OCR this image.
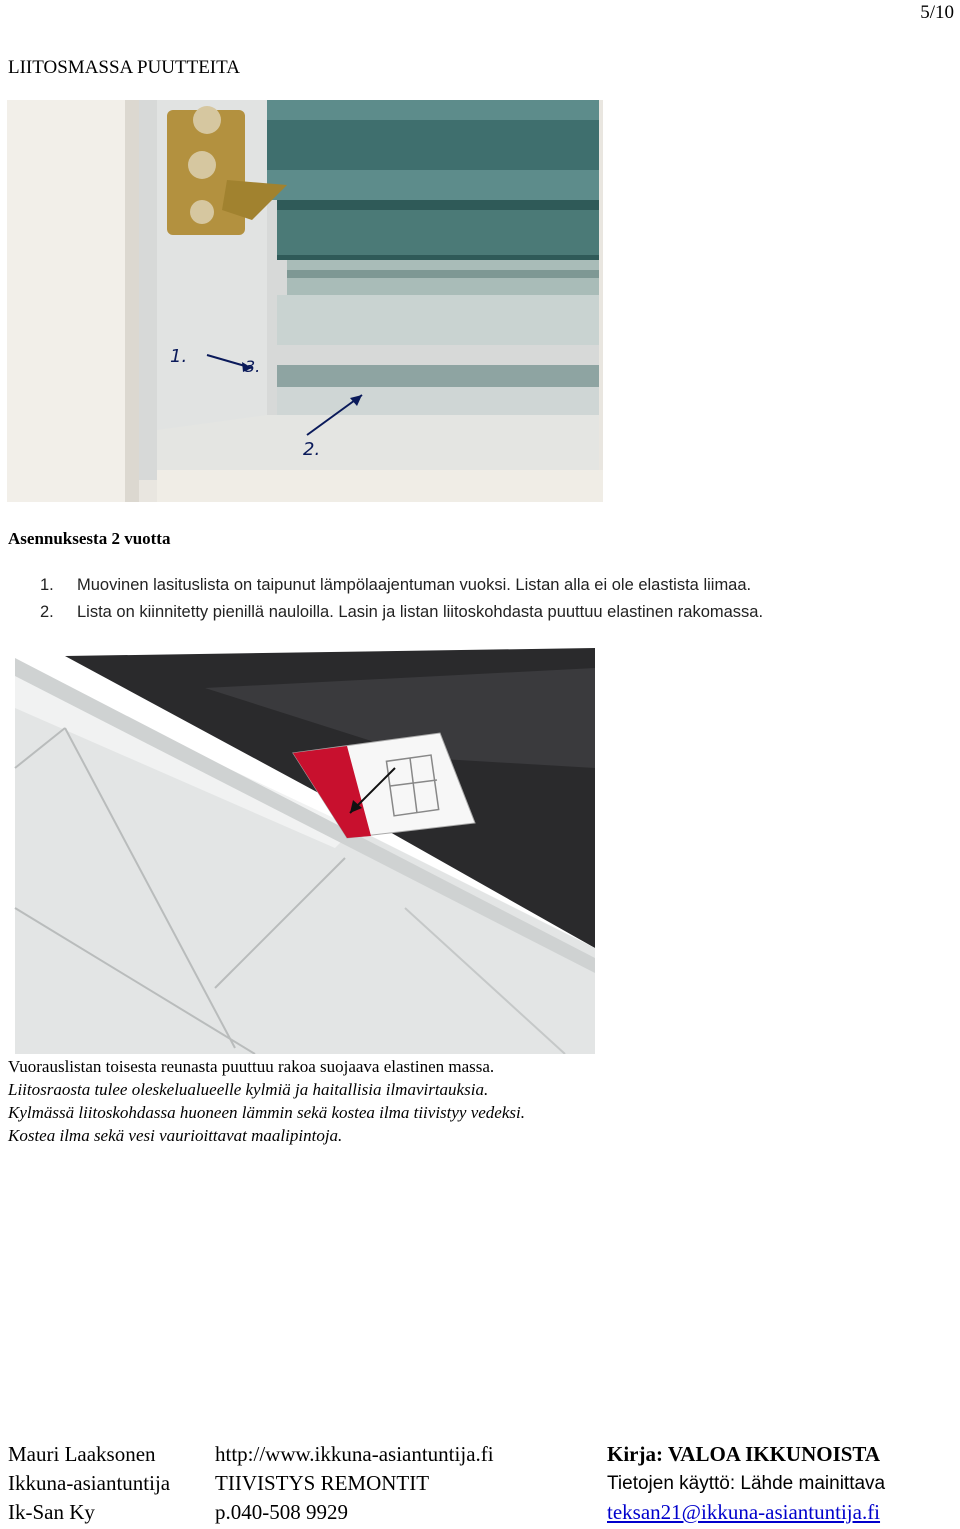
5/10
LIITOSMASSA PUUTTEITA
1.	3.
2.
Asennuksesta 2 vuotta
1. Muovinen lasituslista on taipunut lämpölaajentuman vuoksi. Listan alla ei ole elastista liimaa.
2. Lista on kiinnitetty pienillä nauloilla. Lasin ja listan liitoskohdasta puuttuu elastinen rakomassa.
Vuorauslistan toisesta reunasta puuttuu rakoa suojaava elastinen massa.
Liitosraosta tulee oleskelualueelle kylmiä ja haitallisia ilmavirtauksia.
Kylmässä liitoskohdassa huoneen lämmin sekä kostea ilma tiivistyy vedeksi.
Kostea ilma sekä vesi vaurioittavat maalipintoja.
Mauri Laaksonen
Ikkuna-asiantuntija
Ik-San Ky
http://www.ikkuna-asiantuntija.fi
TIIVISTYS REMONTIT
p.040-508 9929
Kirja: VALOA IKKUNOISTA
Tietojen käyttö: Lähde mainittava
teksan21@ikkuna-asiantuntija.fi
